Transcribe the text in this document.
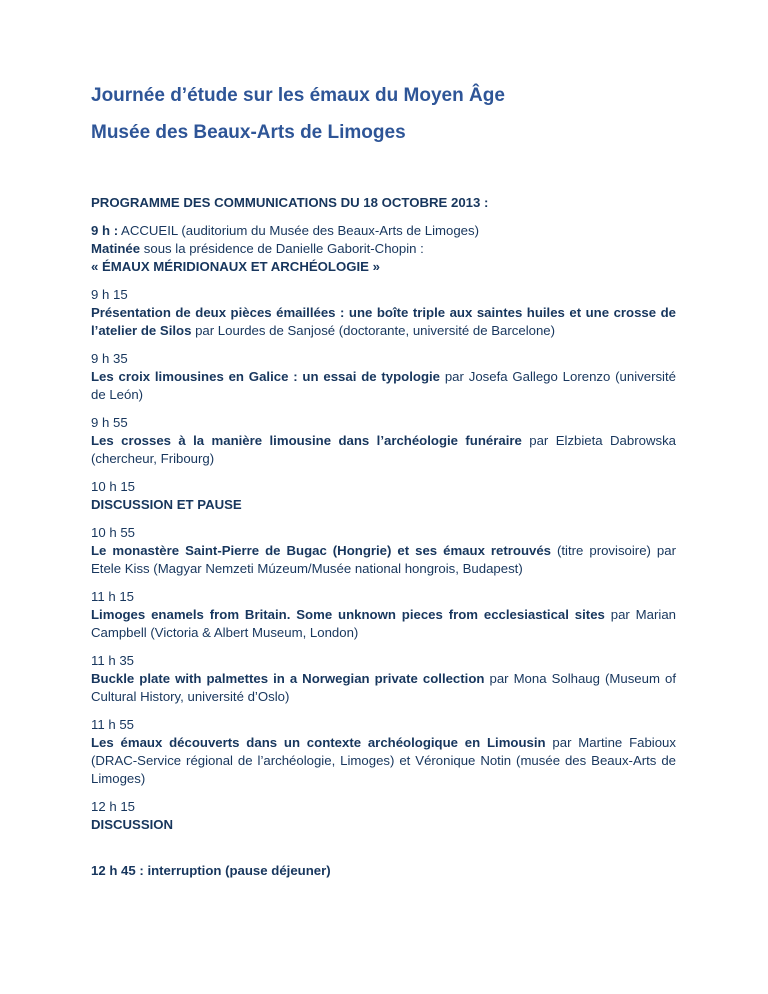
Journée d’étude sur les émaux du Moyen Âge
Musée des Beaux-Arts de Limoges

PROGRAMME DES COMMUNICATIONS DU 18 OCTOBRE 2013 :

9 h : ACCUEIL (auditorium du Musée des Beaux-Arts de Limoges)
Matinée sous la présidence de Danielle Gaborit-Chopin :
« ÉMAUX MÉRIDIONAUX ET ARCHÉOLOGIE »
9 h 15
Présentation de deux pièces émaillées : une boîte triple aux saintes huiles et une crosse de l’atelier de Silos par Lourdes de Sanjosé (doctorante, université de Barcelone)
9 h 35
Les croix limousines en Galice : un essai de typologie par Josefa Gallego Lorenzo (université de León)
9 h 55
Les crosses à la manière limousine dans l’archéologie funéraire par Elzbieta Dabrowska (chercheur, Fribourg)
10 h 15
DISCUSSION ET PAUSE
10 h 55
Le monastère Saint-Pierre de Bugac (Hongrie) et ses émaux retrouvés (titre provisoire) par Etele Kiss (Magyar Nemzeti Múzeum/Musée national hongrois, Budapest)
11 h 15
Limoges enamels from Britain. Some unknown pieces from ecclesiastical sites par Marian Campbell (Victoria & Albert Museum, London)
11 h 35
Buckle plate with palmettes in a Norwegian private collection par Mona Solhaug (Museum of Cultural History, université d’Oslo)
11 h 55
Les émaux découverts dans un contexte archéologique en Limousin par Martine Fabioux (DRAC-Service régional de l’archéologie, Limoges) et Véronique Notin (musée des Beaux-Arts de Limoges)
12 h 15
DISCUSSION

12 h 45 : interruption (pause déjeuner)
